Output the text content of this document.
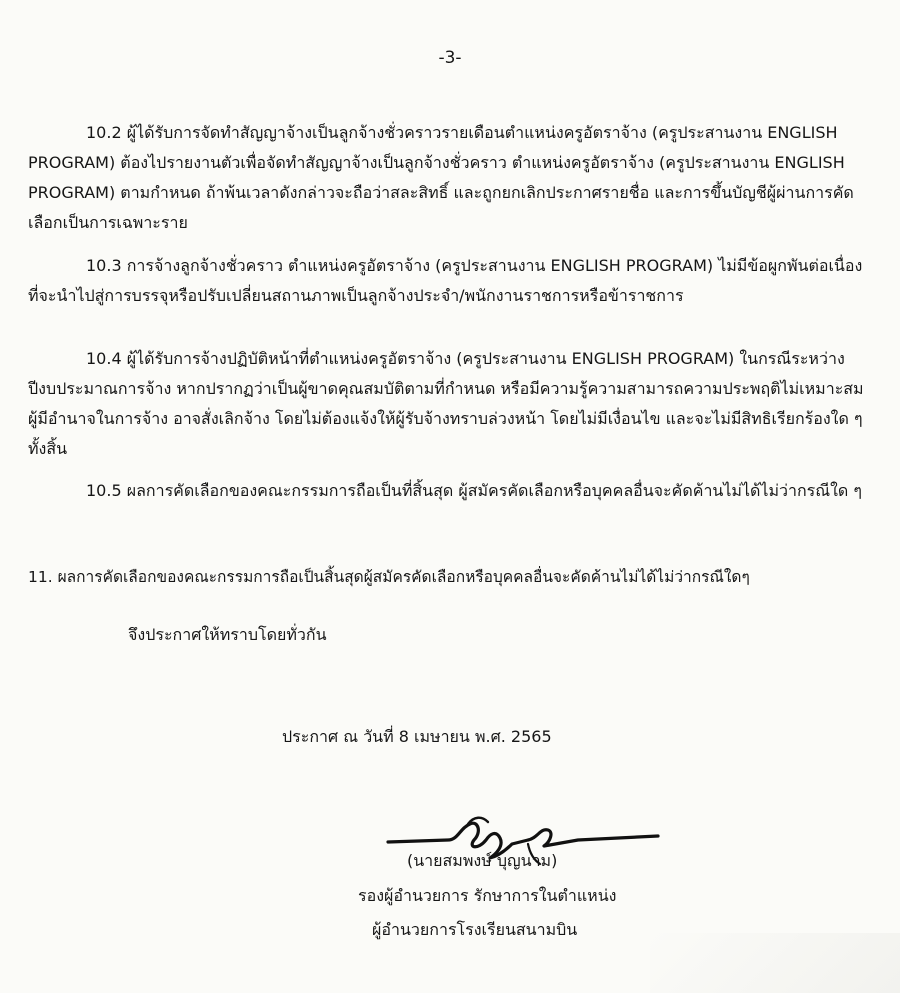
-3-

10.2 ผู้ได้รับการจัดทำสัญญาจ้างเป็นลูกจ้างชั่วคราวรายเดือนตำแหน่งครูอัตราจ้าง (ครูประสานงาน ENGLISH PROGRAM) ต้องไปรายงานตัวเพื่อจัดทำสัญญาจ้างเป็นลูกจ้างชั่วคราว ตำแหน่งครูอัตราจ้าง (ครูประสานงาน ENGLISH PROGRAM) ตามกำหนด ถ้าพ้นเวลาดังกล่าวจะถือว่าสละสิทธิ์ และถูกยกเลิกประกาศรายชื่อ และการขึ้นบัญชีผู้ผ่านการคัดเลือกเป็นการเฉพาะราย

10.3 การจ้างลูกจ้างชั่วคราว ตำแหน่งครูอัตราจ้าง (ครูประสานงาน ENGLISH PROGRAM) ไม่มีข้อผูกพันต่อเนื่องที่จะนำไปสู่การบรรจุหรือปรับเปลี่ยนสถานภาพเป็นลูกจ้างประจำ/พนักงานราชการหรือข้าราชการ

10.4 ผู้ได้รับการจ้างปฏิบัติหน้าที่ตำแหน่งครูอัตราจ้าง (ครูประสานงาน ENGLISH PROGRAM) ในกรณีระหว่างปีงบประมาณการจ้าง หากปรากฏว่าเป็นผู้ขาดคุณสมบัติตามที่กำหนด หรือมีความรู้ความสามารถความประพฤติไม่เหมาะสมผู้มีอำนาจในการจ้าง อาจสั่งเลิกจ้าง โดยไม่ต้องแจ้งให้ผู้รับจ้างทราบล่วงหน้า โดยไม่มีเงื่อนไข และจะไม่มีสิทธิเรียกร้องใด ๆ ทั้งสิ้น

10.5 ผลการคัดเลือกของคณะกรรมการถือเป็นที่สิ้นสุด ผู้สมัครคัดเลือกหรือบุคคลอื่นจะคัดค้านไม่ได้ไม่ว่ากรณีใด ๆ

11. ผลการคัดเลือกของคณะกรรมการถือเป็นสิ้นสุดผู้สมัครคัดเลือกหรือบุคคลอื่นจะคัดค้านไม่ได้ไม่ว่ากรณีใดๆ

จึงประกาศให้ทราบโดยทั่วกัน
ประกาศ ณ วันที่ 8 เมษายน พ.ศ. 2565
(นายสมพงษ์ บุญนาม)
รองผู้อำนวยการ รักษาการในตำแหน่ง
ผู้อำนวยการโรงเรียนสนามบิน
